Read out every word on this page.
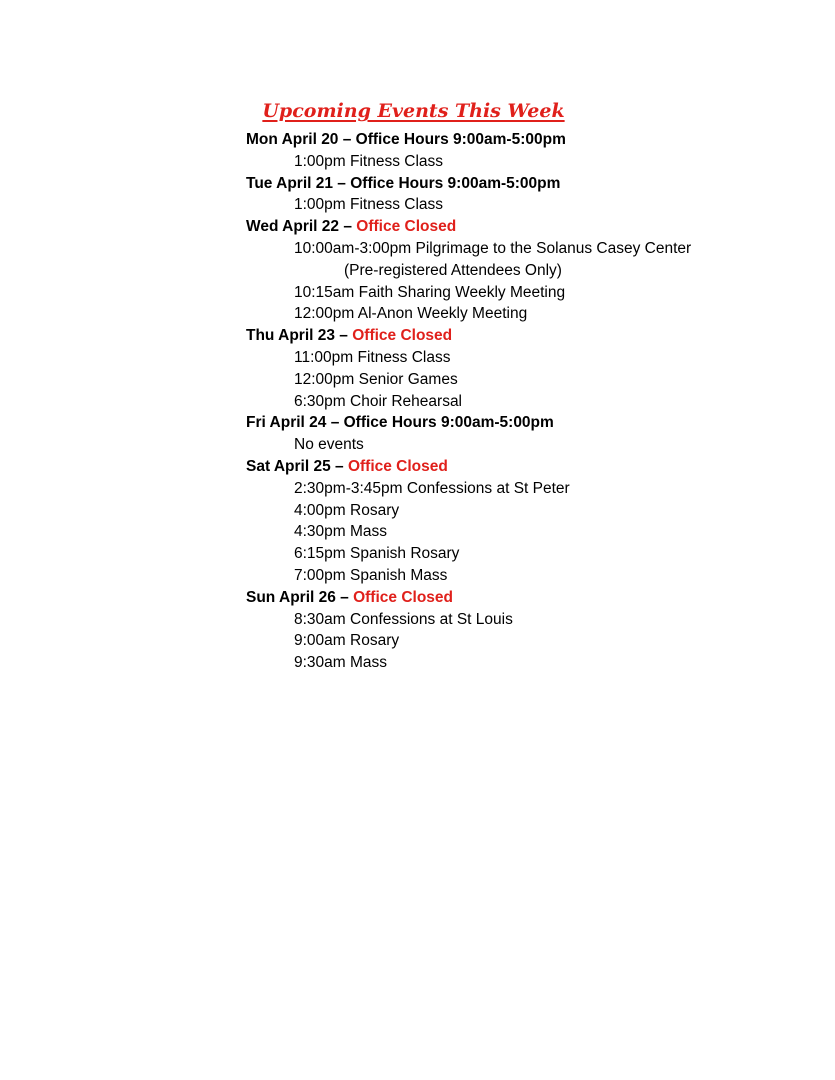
Upcoming Events This Week
Mon April 20 – Office Hours 9:00am-5:00pm
1:00pm Fitness Class
Tue April 21 – Office Hours 9:00am-5:00pm
1:00pm Fitness Class
Wed April 22 – Office Closed
10:00am-3:00pm Pilgrimage to the Solanus Casey Center
(Pre-registered Attendees Only)
10:15am Faith Sharing Weekly Meeting
12:00pm Al-Anon Weekly Meeting
Thu April 23 – Office Closed
11:00pm Fitness Class
12:00pm Senior Games
6:30pm Choir Rehearsal
Fri April 24 – Office Hours 9:00am-5:00pm
No events
Sat April 25 – Office Closed
2:30pm-3:45pm Confessions at St Peter
4:00pm Rosary
4:30pm Mass
6:15pm Spanish Rosary
7:00pm Spanish Mass
Sun April 26 – Office Closed
8:30am Confessions at St Louis
9:00am Rosary
9:30am Mass
